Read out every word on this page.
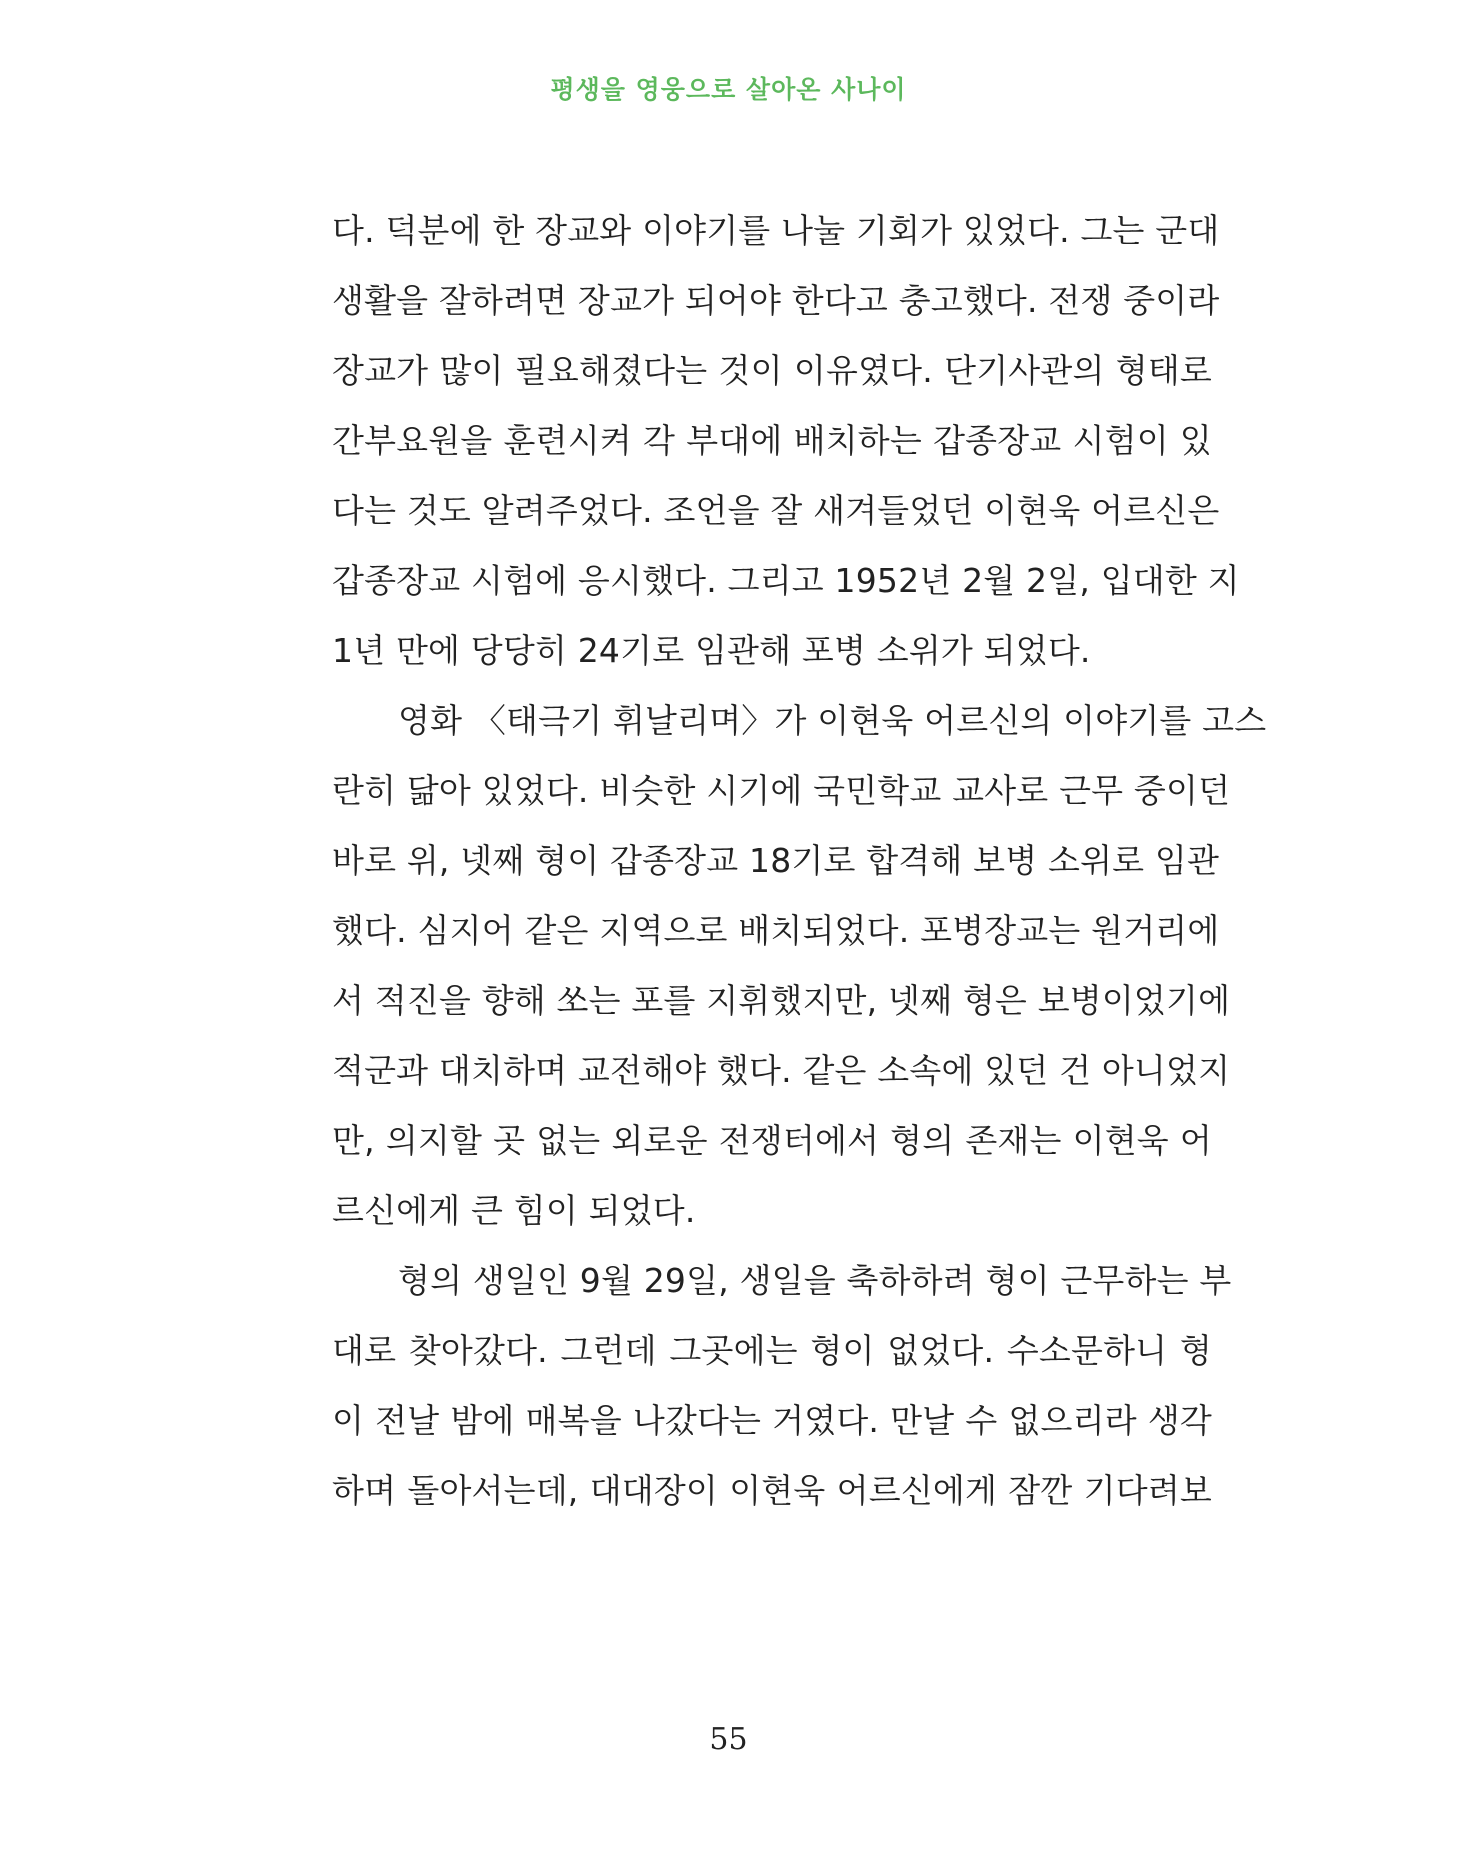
평생을 영웅으로 살아온 사나이
다. 덕분에 한 장교와 이야기를 나눌 기회가 있었다. 그는 군대
생활을 잘하려면 장교가 되어야 한다고 충고했다. 전쟁 중이라
장교가 많이 필요해졌다는 것이 이유였다. 단기사관의 형태로
간부요원을 훈련시켜 각 부대에 배치하는 갑종장교 시험이 있
다는 것도 알려주었다. 조언을 잘 새겨들었던 이현욱 어르신은
갑종장교 시험에 응시했다. 그리고 1952년 2월 2일, 입대한 지
1년 만에 당당히 24기로 임관해 포병 소위가 되었다.
영화 〈태극기 휘날리며〉가 이현욱 어르신의 이야기를 고스
란히 닮아 있었다. 비슷한 시기에 국민학교 교사로 근무 중이던
바로 위, 넷째 형이 갑종장교 18기로 합격해 보병 소위로 임관
했다. 심지어 같은 지역으로 배치되었다. 포병장교는 원거리에
서 적진을 향해 쏘는 포를 지휘했지만, 넷째 형은 보병이었기에
적군과 대치하며 교전해야 했다. 같은 소속에 있던 건 아니었지
만, 의지할 곳 없는 외로운 전쟁터에서 형의 존재는 이현욱 어
르신에게 큰 힘이 되었다.
형의 생일인 9월 29일, 생일을 축하하려 형이 근무하는 부
대로 찾아갔다. 그런데 그곳에는 형이 없었다. 수소문하니 형
이 전날 밤에 매복을 나갔다는 거였다. 만날 수 없으리라 생각
하며 돌아서는데, 대대장이 이현욱 어르신에게 잠깐 기다려보
55
